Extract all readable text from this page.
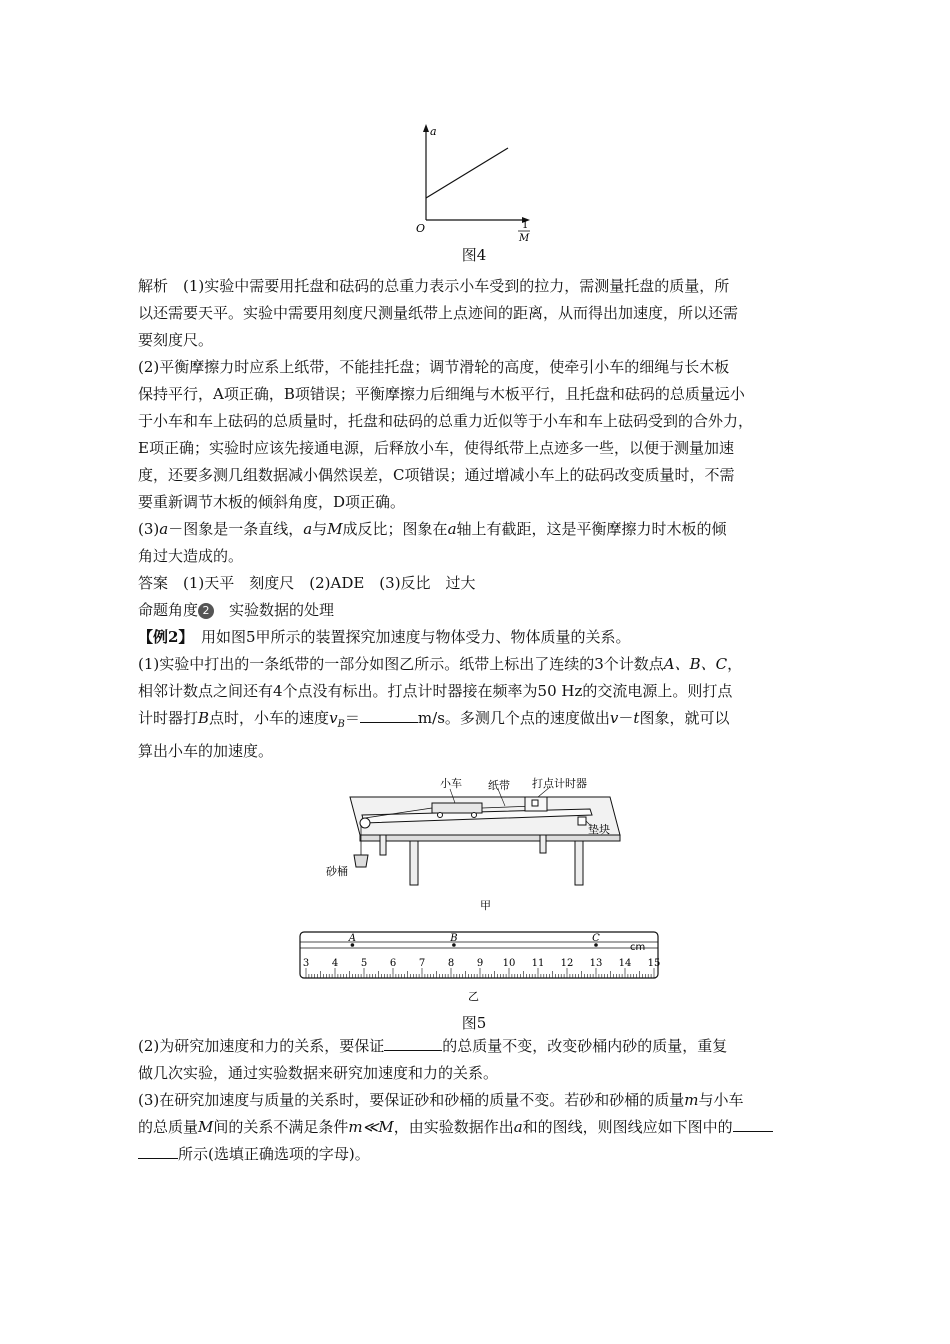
a
O	1
M
图4

解析　(1)实验中需要用托盘和砝码的总重力表示小车受到的拉力，需测量托盘的质量，所

以还需要天平。实验中需要用刻度尺测量纸带上点迹间的距离，从而得出加速度，所以还需

要刻度尺。

(2)平衡摩擦力时应系上纸带，不能挂托盘；调节滑轮的高度，使牵引小车的细绳与长木板

保持平行，A项正确，B项错误；平衡摩擦力后细绳与木板平行，且托盘和砝码的总质量远小

于小车和车上砝码的总质量时，托盘和砝码的总重力近似等于小车和车上砝码受到的合外力，

E项正确；实验时应该先接通电源，后释放小车，使得纸带上点迹多一些，以便于测量加速

度，还要多测几组数据减小偶然误差，C项错误；通过增减小车上的砝码改变质量时，不需

要重新调节木板的倾斜角度，D项正确。

(3)a－图象是一条直线，a与M成反比；图象在a轴上有截距，这是平衡摩擦力时木板的倾

角过大造成的。

答案　(1)天平　刻度尺　(2)ADE　(3)反比　过大

命题角度 2　实验数据的处理

【例2】　用如图5甲所示的装置探究加速度与物体受力、物体质量的关系。

(1)实验中打出的一条纸带的一部分如图乙所示。纸带上标出了连续的3个计数点A、B、C，

相邻计数点之间还有4个点没有标出。打点计时器接在频率为50 Hz的交流电源上。则打点

计时器打B点时，小车的速度$v_B=$	m/s。多测几个点的速度做出v－t图象，就可以

算出小车的加速度。

小车 纸带 打点计时器
垫块
砂桶
甲
3 4 5 6 7 8 9 10 11 12 13 14 15
A	B	C
cm
乙
图5

(2)为研究加速度和力的关系，要保证	的总质量不变，改变砂桶内砂的质量，重复

做几次实验，通过实验数据来研究加速度和力的关系。

(3)在研究加速度与质量的关系时，要保证砂和砂桶的质量不变。若砂和砂桶的质量m与小车

的总质量M间的关系不满足条件m≪M，由实验数据作出a和的图线，则图线应如下图中的

所示(选填正确选项的字母)。
